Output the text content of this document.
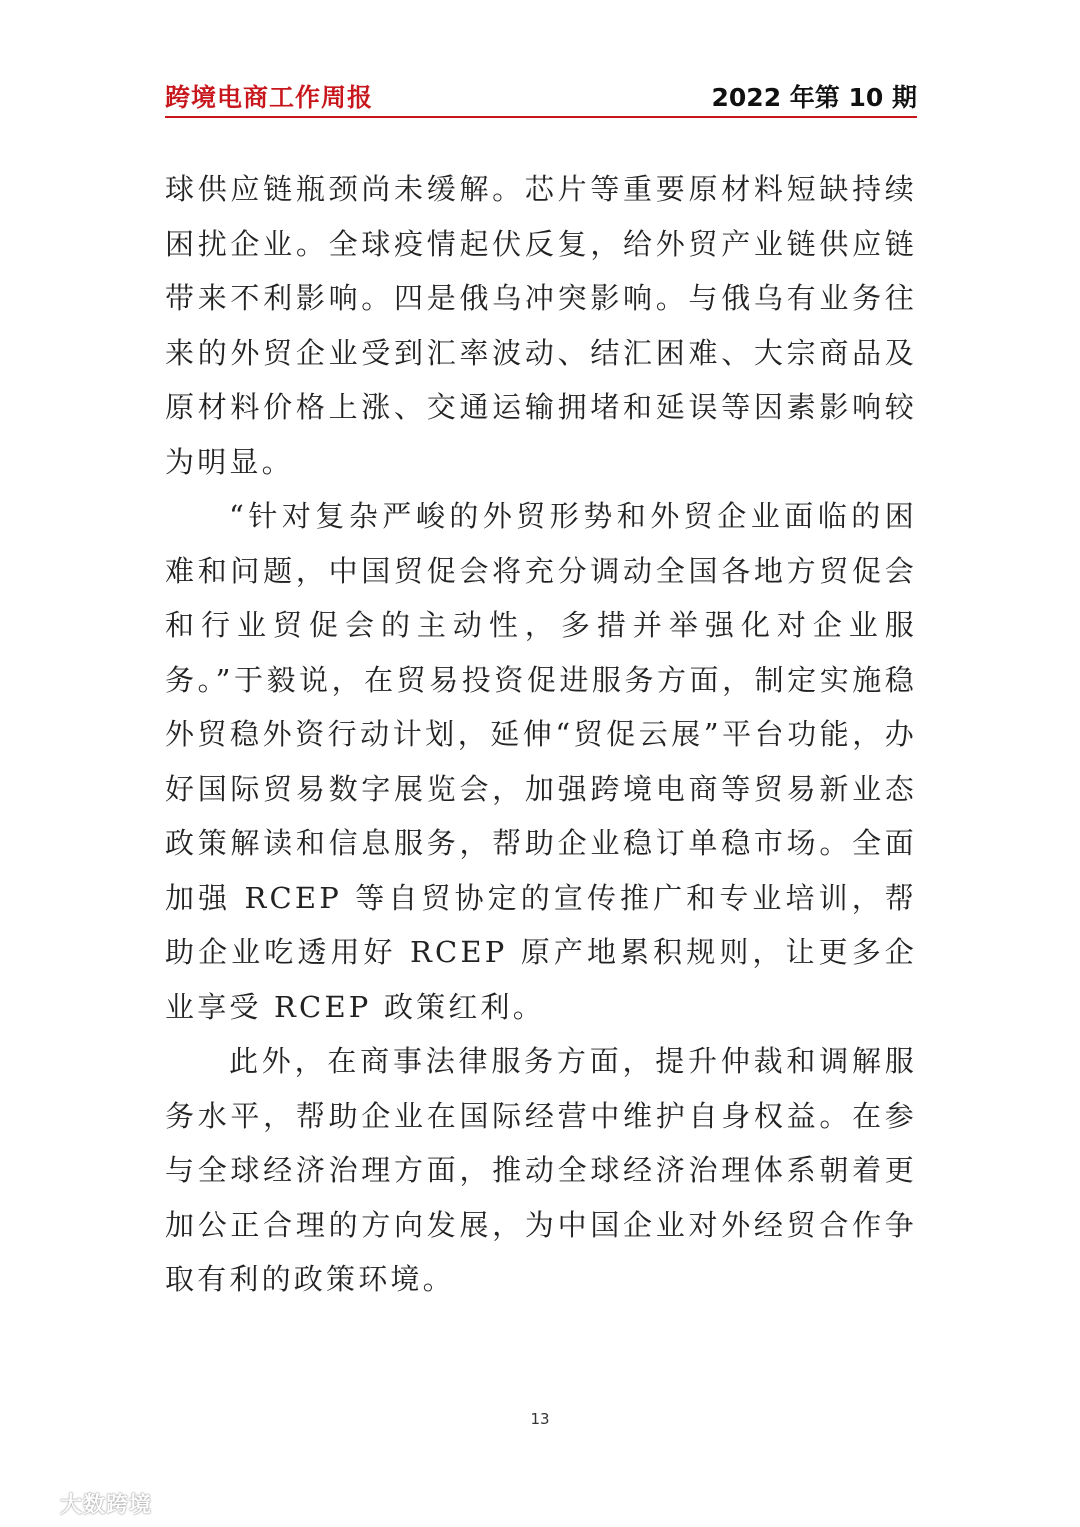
跨境电商工作周报	2022 年第 10 期

球供应链瓶颈尚未缓解。芯片等重要原材料短缺持续困扰企业。全球疫情起伏反复，给外贸产业链供应链带来不利影响。四是俄乌冲突影响。与俄乌有业务往来的外贸企业受到汇率波动、结汇困难、大宗商品及原材料价格上涨、交通运输拥堵和延误等因素影响较为明显。

“针对复杂严峻的外贸形势和外贸企业面临的困难和问题，中国贸促会将充分调动全国各地方贸促会和行业贸促会的主动性，多措并举强化对企业服务。”于毅说，在贸易投资促进服务方面，制定实施稳外贸稳外资行动计划，延伸“贸促云展”平台功能，办好国际贸易数字展览会，加强跨境电商等贸易新业态政策解读和信息服务，帮助企业稳订单稳市场。全面加强 RCEP 等自贸协定的宣传推广和专业培训，帮助企业吃透用好 RCEP 原产地累积规则，让更多企业享受 RCEP 政策红利。

此外，在商事法律服务方面，提升仲裁和调解服务水平，帮助企业在国际经营中维护自身权益。在参与全球经济治理方面，推动全球经济治理体系朝着更加公正合理的方向发展，为中国企业对外经贸合作争取有利的政策环境。

13
大数跨境
